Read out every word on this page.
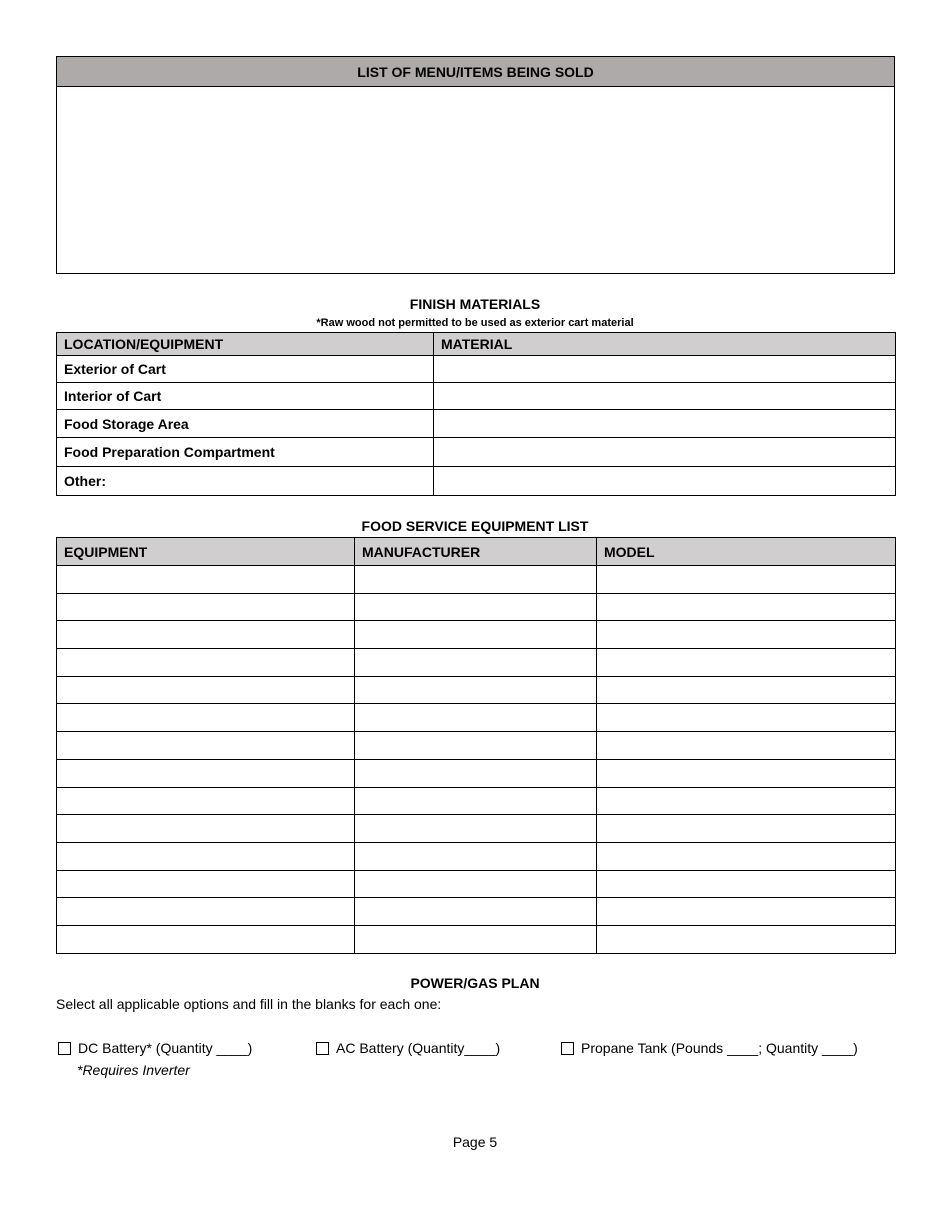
LIST OF MENU/ITEMS BEING SOLD
FINISH MATERIALS
*Raw wood not permitted to be used as exterior cart material
LOCATION/EQUIPMENT	MATERIAL
Exterior of Cart	
Interior of Cart	
Food Storage Area	
Food Preparation Compartment	
Other:	
FOOD SERVICE EQUIPMENT LIST
EQUIPMENT	MANUFACTURER	MODEL

POWER/GAS PLAN
Select all applicable options and fill in the blanks for each one:
DC Battery* (Quantity ____)	AC Battery (Quantity____)	Propane Tank (Pounds ____; Quantity ____)
*Requires Inverter
Page 5
